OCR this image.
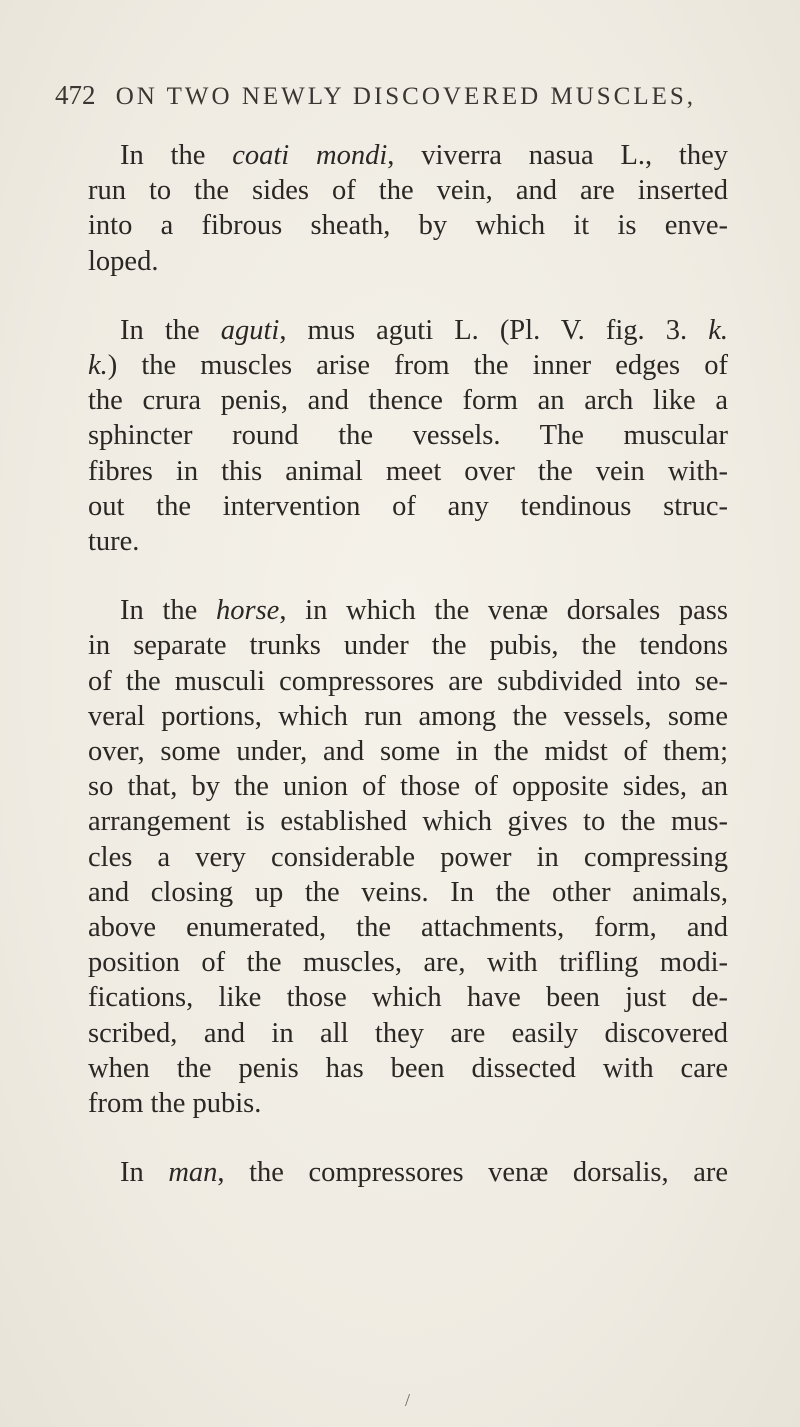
472 ON TWO NEWLY DISCOVERED MUSCLES,

In the coati mondi, viverra nasua L., they
run to the sides of the vein, and are inserted
into a fibrous sheath, by which it is enve-
loped.

In the aguti, mus aguti L. (Pl. V. fig. 3. k.
k.) the muscles arise from the inner edges of
the crura penis, and thence form an arch like a
sphincter round the vessels. The muscular
fibres in this animal meet over the vein with-
out the intervention of any tendinous struc-
ture.

In the horse, in which the venæ dorsales pass
in separate trunks under the pubis, the tendons
of the musculi compressores are subdivided into se-
veral portions, which run among the vessels, some
over, some under, and some in the midst of them;
so that, by the union of those of opposite sides, an
arrangement is established which gives to the mus-
cles a very considerable power in compressing
and closing up the veins. In the other animals,
above enumerated, the attachments, form, and
position of the muscles, are, with trifling modi-
fications, like those which have been just de-
scribed, and in all they are easily discovered
when the penis has been dissected with care
from the pubis.

In man, the compressores venæ dorsalis, are

/
